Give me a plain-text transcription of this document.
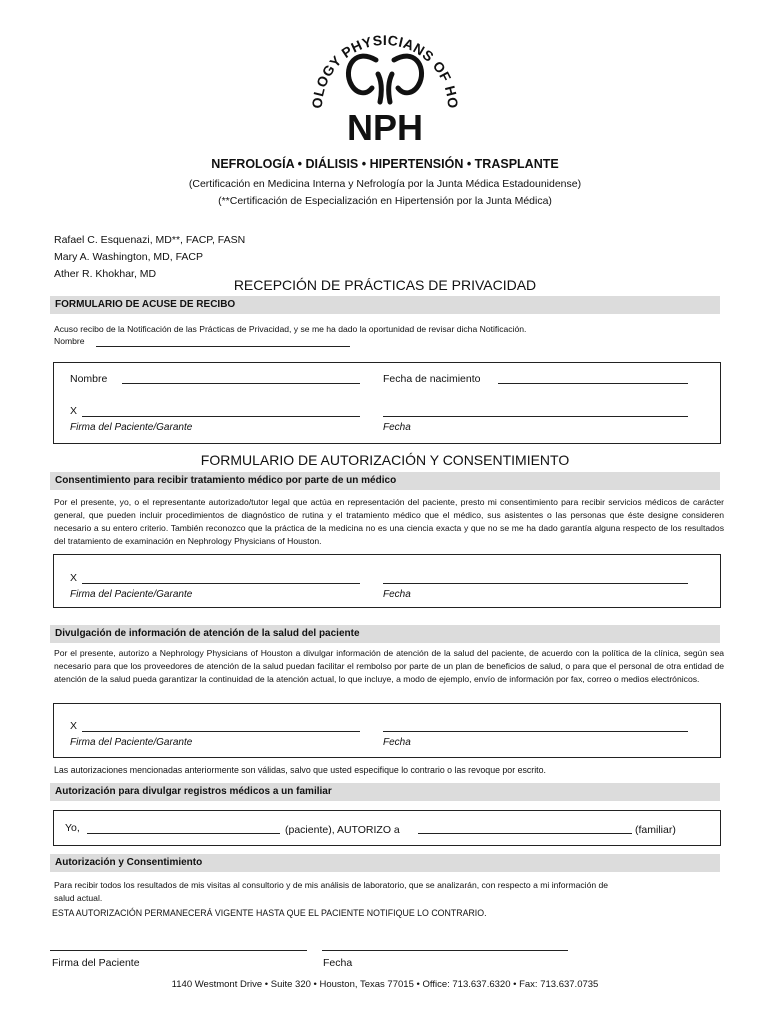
OLOGY PHYSICIANS OF HO
NPH
NEFROLOGÍA • DIÁLISIS • HIPERTENSIÓN • TRASPLANTE
(Certificación en Medicina Interna y Nefrología por la Junta Médica Estadounidense)
(**Certificación de Especialización en Hipertensión por la Junta Médica)
Rafael C. Esquenazi, MD**, FACP, FASN
Mary A. Washington, MD, FACP
Ather R. Khokhar, MD
RECEPCIÓN DE PRÁCTICAS DE PRIVACIDAD
FORMULARIO DE ACUSE DE RECIBO
Acuso recibo de la Notificación de las Prácticas de Privacidad, y se me ha dado la oportunidad de revisar dicha Notificación.
Nombre
Nombre	Fecha de nacimiento
X
Firma del Paciente/Garante	Fecha
FORMULARIO DE AUTORIZACIÓN Y CONSENTIMIENTO
Consentimiento para recibir tratamiento médico por parte de un médico
Por el presente, yo, o el representante autorizado/tutor legal que actúa en representación del paciente, presto mi consentimiento para recibir servicios médicos de carácter general, que pueden incluir procedimientos de diagnóstico de rutina y el tratamiento médico que el médico, sus asistentes o las personas que éste designe consideren necesario a su entero criterio. También reconozco que la práctica de la medicina no es una ciencia exacta y que no se me ha dado garantía alguna respecto de los resultados del tratamiento de examinación en Nephrology Physicians of Houston.
X
Firma del Paciente/Garante	Fecha
Divulgación de información de atención de la salud del paciente
Por el presente, autorizo a Nephrology Physicians of Houston a divulgar información de atención de la salud del paciente, de acuerdo con la política de la clínica, según sea necesario para que los proveedores de atención de la salud puedan facilitar el rembolso por parte de un plan de beneficios de salud, o para que el personal de otra entidad de atención de la salud pueda garantizar la continuidad de la atención actual, lo que incluye, a modo de ejemplo, envío de información por fax, correo o medios electrónicos.
X
Firma del Paciente/Garante	Fecha
Las autorizaciones mencionadas anteriormente son válidas, salvo que usted especifique lo contrario o las revoque por escrito.
Autorización para divulgar registros médicos a un familiar
Yo,	(paciente), AUTORIZO a	(familiar)
Autorización y Consentimiento
Para recibir todos los resultados de mis visitas al consultorio y de mis análisis de laboratorio, que se analizarán, con respecto a mi información de salud actual.
ESTA AUTORIZACIÓN PERMANECERÁ VIGENTE HASTA QUE EL PACIENTE NOTIFIQUE LO CONTRARIO.
Firma del Paciente	Fecha
1140 Westmont Drive • Suite 320 • Houston, Texas 77015 • Office: 713.637.6320 • Fax: 713.637.0735
